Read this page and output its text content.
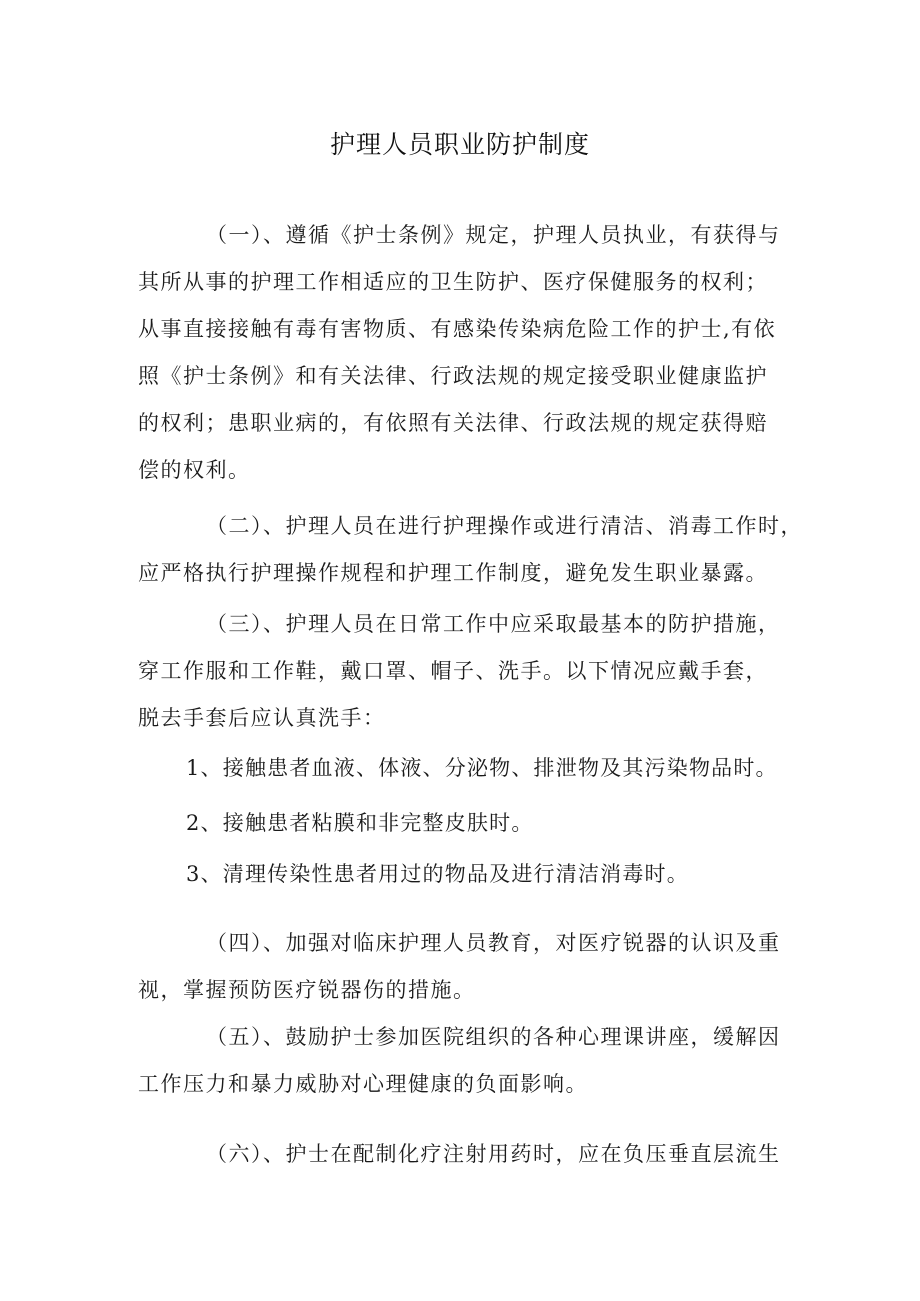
护理人员职业防护制度
（一）、遵循《护士条例》规定，护理人员执业，有获得与
其所从事的护理工作相适应的卫生防护、医疗保健服务的权利；
从事直接接触有毒有害物质、有感染传染病危险工作的护士,有依
照《护士条例》和有关法律、行政法规的规定接受职业健康监护
的权利；患职业病的，有依照有关法律、行政法规的规定获得赔
偿的权利。
（二）、护理人员在进行护理操作或进行清洁、消毒工作时，
应严格执行护理操作规程和护理工作制度，避免发生职业暴露。
（三）、护理人员在日常工作中应采取最基本的防护措施，
穿工作服和工作鞋，戴口罩、帽子、洗手。以下情况应戴手套，
脱去手套后应认真洗手：
1、接触患者血液、体液、分泌物、排泄物及其污染物品时。
2、接触患者粘膜和非完整皮肤时。
3、清理传染性患者用过的物品及进行清洁消毒时。
（四）、加强对临床护理人员教育，对医疗锐器的认识及重
视，掌握预防医疗锐器伤的措施。
（五）、鼓励护士参加医院组织的各种心理课讲座，缓解因
工作压力和暴力威胁对心理健康的负面影响。
（六）、护士在配制化疗注射用药时，应在负压垂直层流生
